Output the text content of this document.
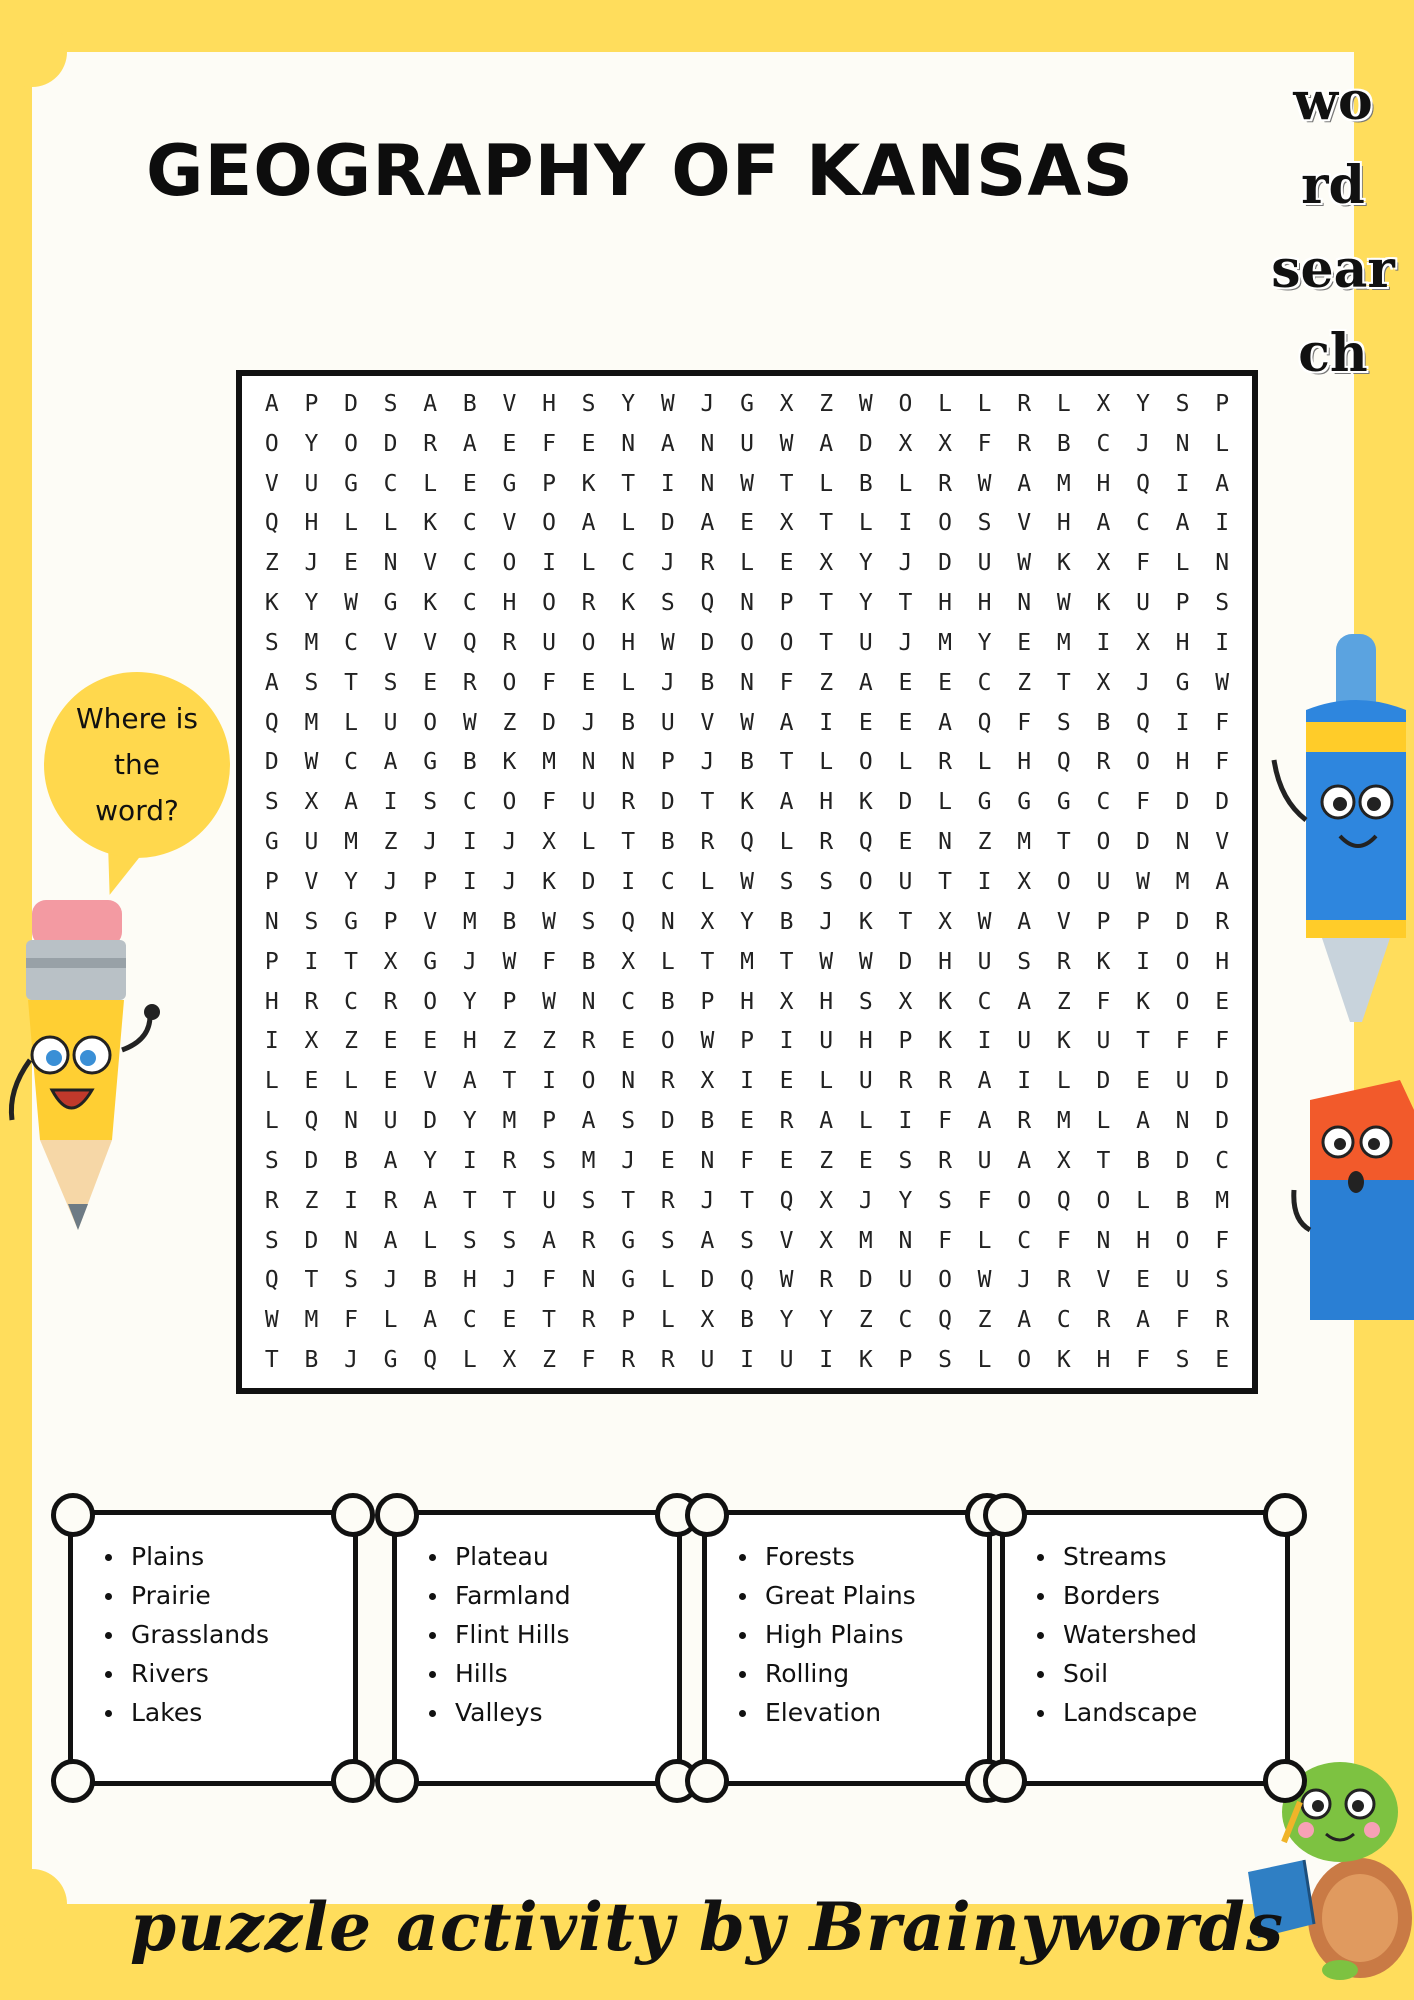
GEOGRAPHY OF KANSAS
wo
rd
sear
ch
Where is
the
word?
A	P	D	S	A	B	V	H	S	Y	W	J	G	X	Z	W	O	L	L	R	L	X	Y	S	P
O	Y	O	D	R	A	E	F	E	N	A	N	U	W	A	D	X	X	F	R	B	C	J	N	L
V	U	G	C	L	E	G	P	K	T	I	N	W	T	L	B	L	R	W	A	M	H	Q	I	A
Q	H	L	L	K	C	V	O	A	L	D	A	E	X	T	L	I	O	S	V	H	A	C	A	I
Z	J	E	N	V	C	O	I	L	C	J	R	L	E	X	Y	J	D	U	W	K	X	F	L	N
K	Y	W	G	K	C	H	O	R	K	S	Q	N	P	T	Y	T	H	H	N	W	K	U	P	S
S	M	C	V	V	Q	R	U	O	H	W	D	O	O	T	U	J	M	Y	E	M	I	X	H	I
A	S	T	S	E	R	O	F	E	L	J	B	N	F	Z	A	E	E	C	Z	T	X	J	G	W
Q	M	L	U	O	W	Z	D	J	B	U	V	W	A	I	E	E	A	Q	F	S	B	Q	I	F
D	W	C	A	G	B	K	M	N	N	P	J	B	T	L	O	L	R	L	H	Q	R	O	H	F
S	X	A	I	S	C	O	F	U	R	D	T	K	A	H	K	D	L	G	G	G	C	F	D	D
G	U	M	Z	J	I	J	X	L	T	B	R	Q	L	R	Q	E	N	Z	M	T	O	D	N	V
P	V	Y	J	P	I	J	K	D	I	C	L	W	S	S	O	U	T	I	X	O	U	W	M	A
N	S	G	P	V	M	B	W	S	Q	N	X	Y	B	J	K	T	X	W	A	V	P	P	D	R
P	I	T	X	G	J	W	F	B	X	L	T	M	T	W	W	D	H	U	S	R	K	I	O	H
H	R	C	R	O	Y	P	W	N	C	B	P	H	X	H	S	X	K	C	A	Z	F	K	O	E
I	X	Z	E	E	H	Z	Z	R	E	O	W	P	I	U	H	P	K	I	U	K	U	T	F	F
L	E	L	E	V	A	T	I	O	N	R	X	I	E	L	U	R	R	A	I	L	D	E	U	D
L	Q	N	U	D	Y	M	P	A	S	D	B	E	R	A	L	I	F	A	R	M	L	A	N	D
S	D	B	A	Y	I	R	S	M	J	E	N	F	E	Z	E	S	R	U	A	X	T	B	D	C
R	Z	I	R	A	T	T	U	S	T	R	J	T	Q	X	J	Y	S	F	O	Q	O	L	B	M
S	D	N	A	L	S	S	A	R	G	S	A	S	V	X	M	N	F	L	C	F	N	H	O	F
Q	T	S	J	B	H	J	F	N	G	L	D	Q	W	R	D	U	O	W	J	R	V	E	U	S
W	M	F	L	A	C	E	T	R	P	L	X	B	Y	Y	Z	C	Q	Z	A	C	R	A	F	R
T	B	J	G	Q	L	X	Z	F	R	R	U	I	U	I	K	P	S	L	O	K	H	F	S	E
Plains
Prairie
Grasslands
Rivers
Lakes
Plateau
Farmland
Flint Hills
Hills
Valleys
Forests
Great Plains
High Plains
Rolling
Elevation
Streams
Borders
Watershed
Soil
Landscape
puzzle activity by Brainywords
